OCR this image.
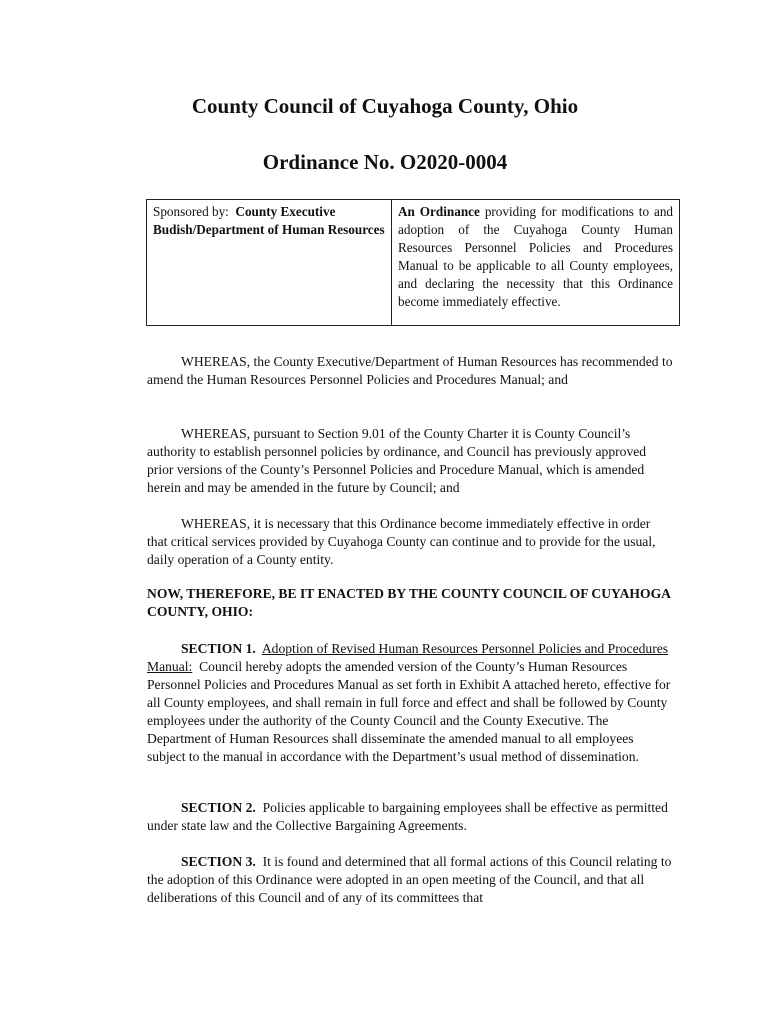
County Council of Cuyahoga County, Ohio
Ordinance No. O2020-0004
Sponsored by: County Executive Budish/Department of Human Resources	An Ordinance providing for modifications to and adoption of the Cuyahoga County Human Resources Personnel Policies and Procedures Manual to be applicable to all County employees, and declaring the necessity that this Ordinance become immediately effective.

WHEREAS, the County Executive/Department of Human Resources has recommended to amend the Human Resources Personnel Policies and Procedures Manual; and

WHEREAS, pursuant to Section 9.01 of the County Charter it is County Council’s authority to establish personnel policies by ordinance, and Council has previously approved prior versions of the County’s Personnel Policies and Procedure Manual, which is amended herein and may be amended in the future by Council; and

WHEREAS, it is necessary that this Ordinance become immediately effective in order that critical services provided by Cuyahoga County can continue and to provide for the usual, daily operation of a County entity.

NOW, THEREFORE, BE IT ENACTED BY THE COUNTY COUNCIL OF CUYAHOGA COUNTY, OHIO:

SECTION 1. Adoption of Revised Human Resources Personnel Policies and Procedures Manual: Council hereby adopts the amended version of the County’s Human Resources Personnel Policies and Procedures Manual as set forth in Exhibit A attached hereto, effective for all County employees, and shall remain in full force and effect and shall be followed by County employees under the authority of the County Council and the County Executive. The Department of Human Resources shall disseminate the amended manual to all employees subject to the manual in accordance with the Department’s usual method of dissemination.

SECTION 2. Policies applicable to bargaining employees shall be effective as permitted under state law and the Collective Bargaining Agreements.

SECTION 3. It is found and determined that all formal actions of this Council relating to the adoption of this Ordinance were adopted in an open meeting of the Council, and that all deliberations of this Council and of any of its committees that
